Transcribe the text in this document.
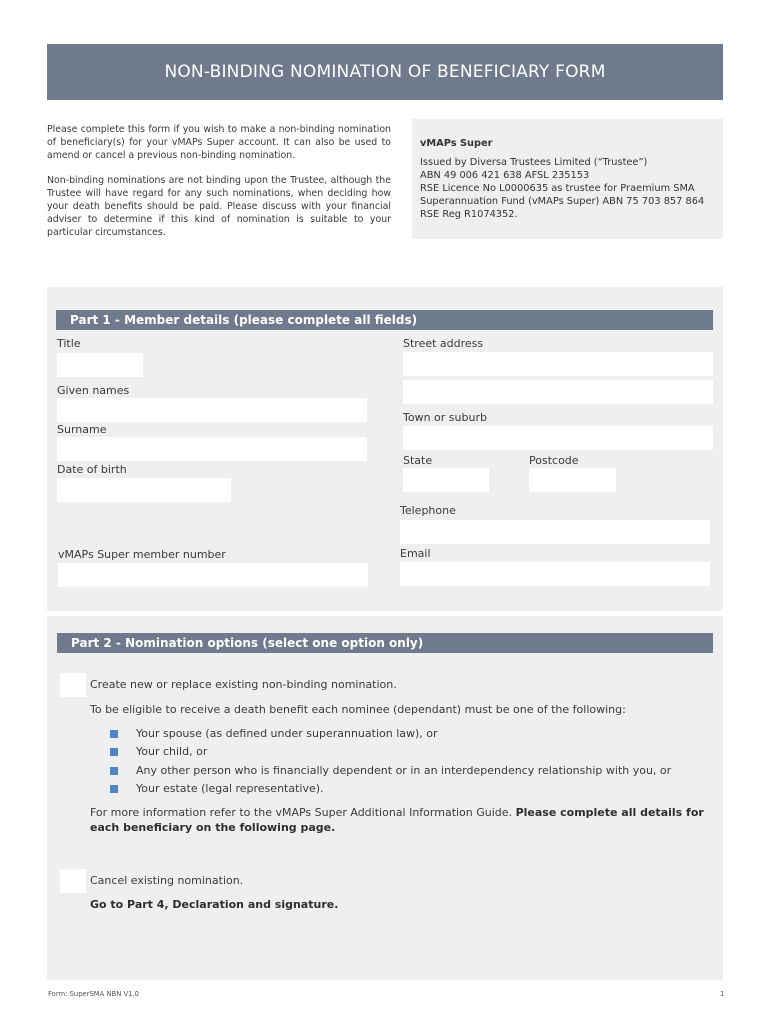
NON-BINDING NOMINATION OF BENEFICIARY FORM

Please complete this form if you wish to make a non-binding nomination of beneficiary(s) for your vMAPs Super account. It can also be used to amend or cancel a previous non-binding nomination.

Non-binding nominations are not binding upon the Trustee, although the Trustee will have regard for any such nominations, when deciding how your death benefits should be paid. Please discuss with your financial adviser to determine if this kind of nomination is suitable to your particular circumstances.

vMAPs Super
Issued by Diversa Trustees Limited (“Trustee”)
ABN 49 006 421 638 AFSL 235153
RSE Licence No L0000635 as trustee for Praemium SMA
Superannuation Fund (vMAPs Super) ABN 75 703 857 864
RSE Reg R1074352.
Part 1 - Member details (please complete all fields)
Title
Given names
Surname
Date of birth
vMAPs Super member number
Street address
Town or suburb
State	Postcode
Telephone
Email
Part 2 - Nomination options (select one option only)
Create new or replace existing non-binding nomination.
To be eligible to receive a death benefit each nominee (dependant) must be one of the following:
Your spouse (as defined under superannuation law), or
Your child, or
Any other person who is financially dependent or in an interdependency relationship with you, or
Your estate (legal representative).
For more information refer to the vMAPs Super Additional Information Guide. Please complete all details for each beneficiary on the following page.
Cancel existing nomination.
Go to Part 4, Declaration and signature.
Form: SuperSMA NBN V1.0	1
